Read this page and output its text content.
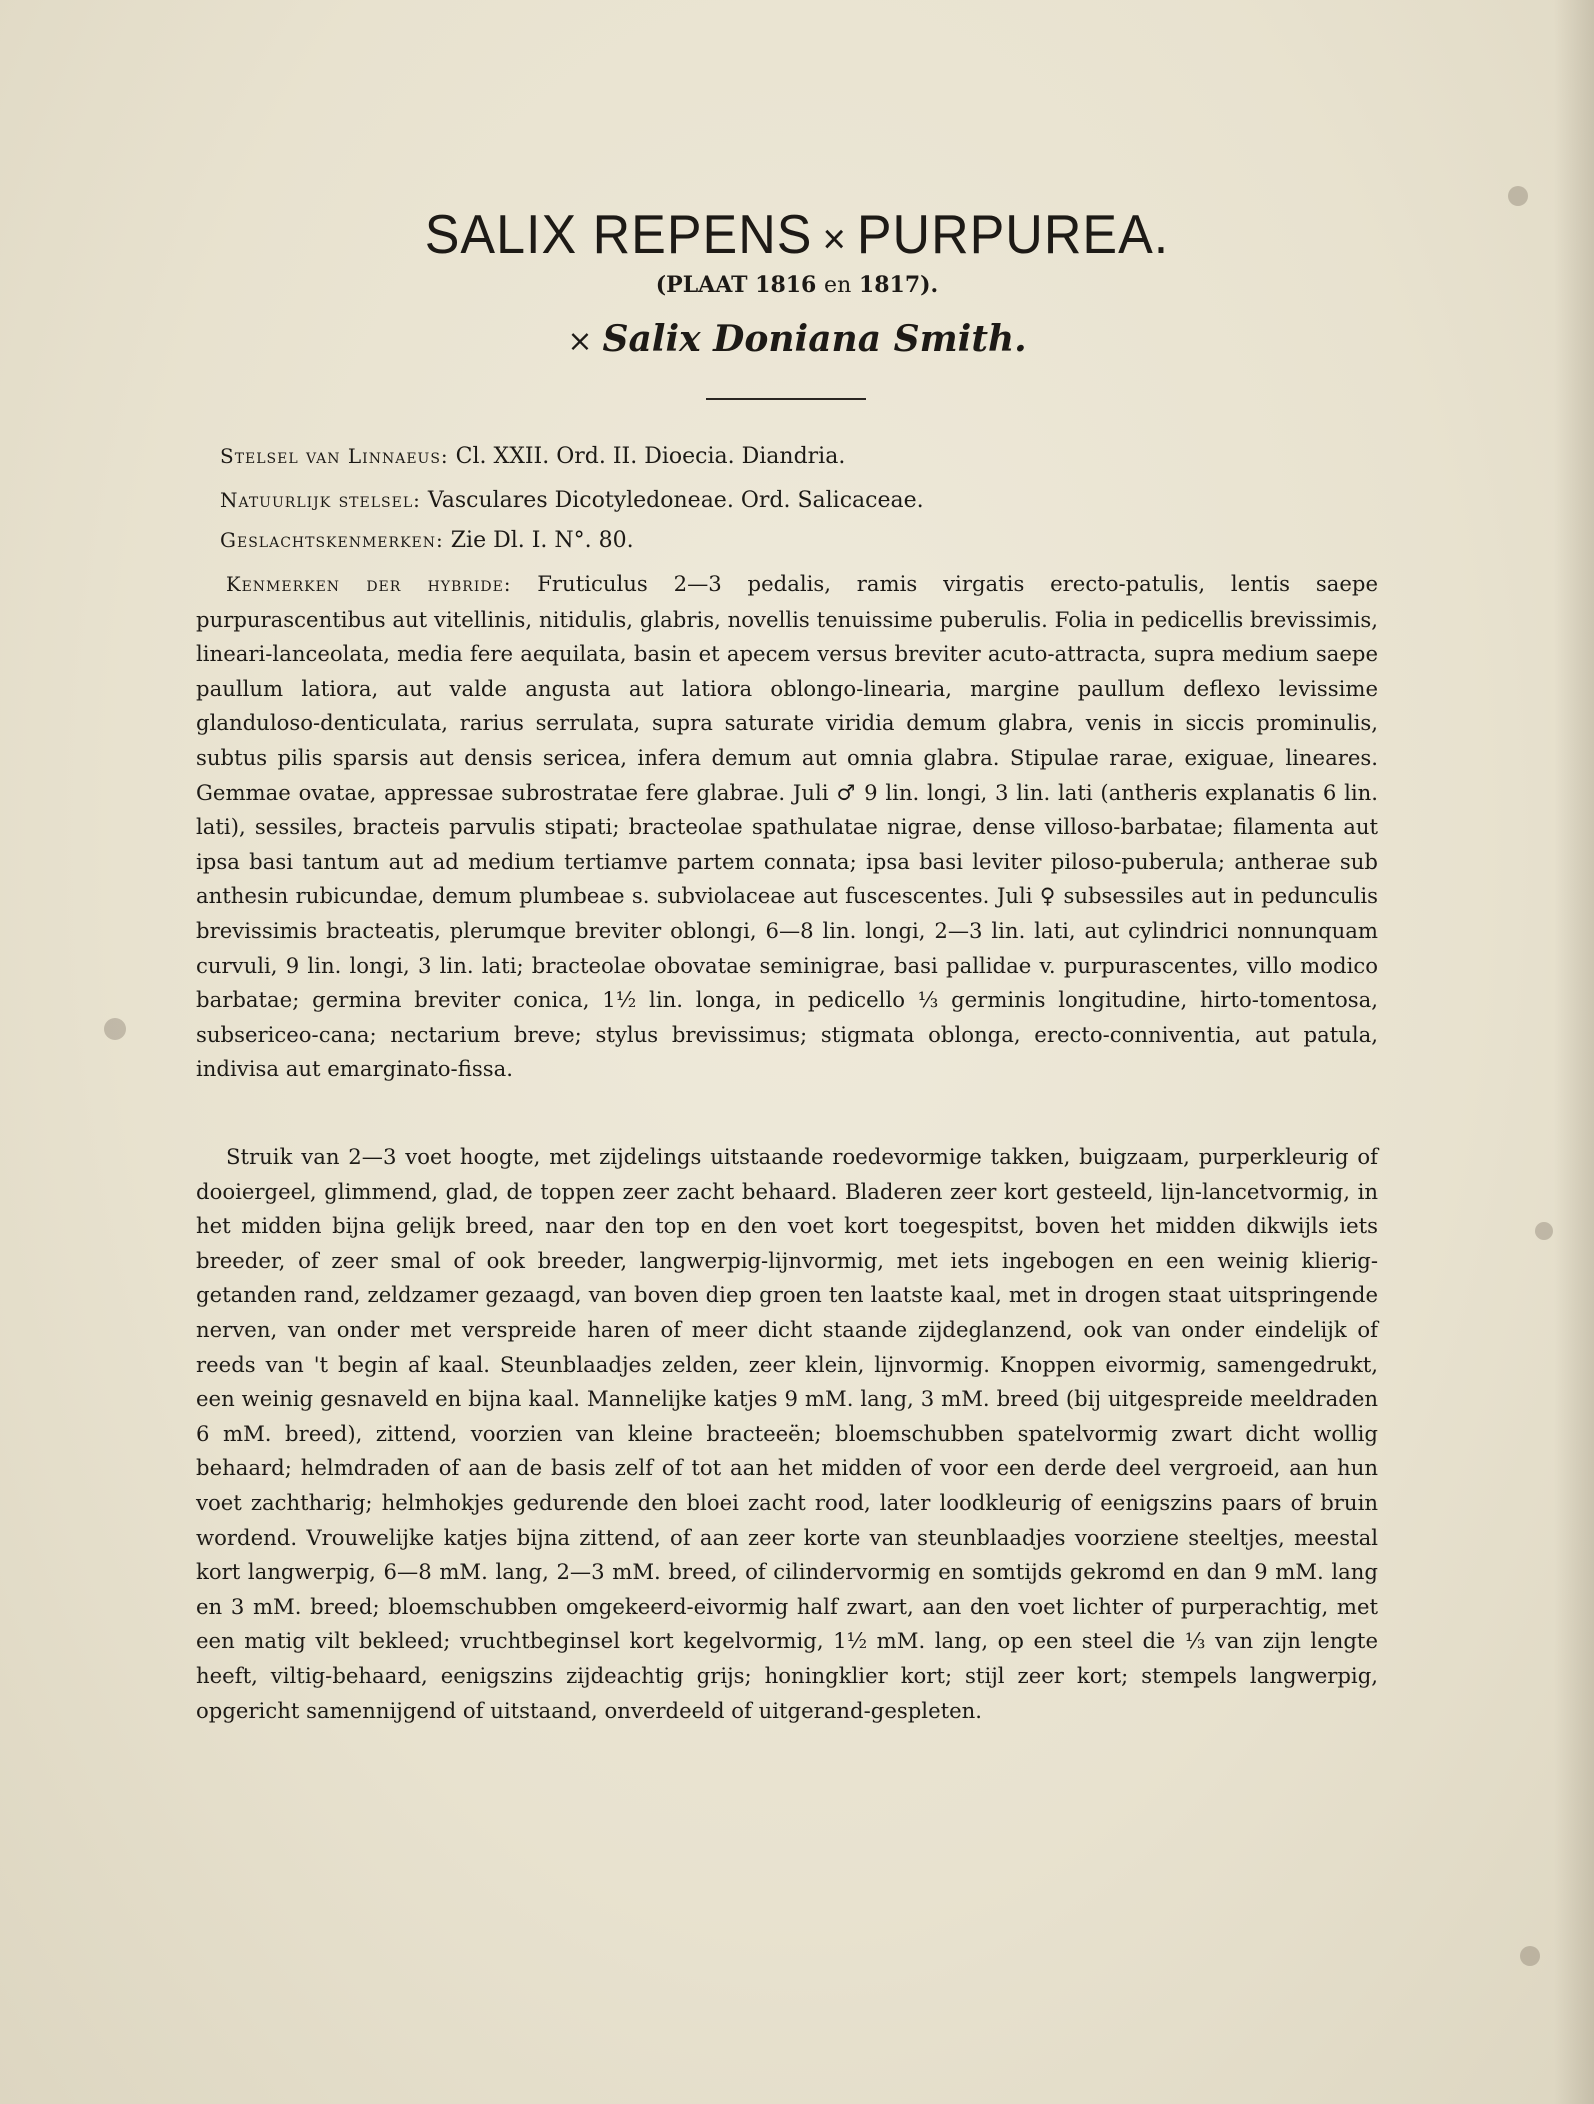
SALIX REPENS × PURPUREA.
(PLAAT 1816 en 1817).
× Salix Doniana Smith.
Stelsel van Linnaeus: Cl. XXII. Ord. II. Dioecia. Diandria.
Natuurlijk stelsel: Vasculares Dicotyledoneae. Ord. Salicaceae.
Geslachtskenmerken: Zie Dl. I. N°. 80.

Kenmerken der hybride: Fruticulus 2—3 pedalis, ramis virgatis erecto-patulis, lentis saepe purpurascentibus aut vitellinis, nitidulis, glabris, novellis tenuissime puberulis. Folia in pedicellis brevissimis, lineari-lanceolata, media fere aequilata, basin et apecem versus breviter acuto-attracta, supra medium saepe paullum latiora, aut valde angusta aut latiora oblongo-linearia, margine paullum deflexo levissime glanduloso-denticulata, rarius serrulata, supra saturate viridia demum glabra, venis in siccis prominulis, subtus pilis sparsis aut densis sericea, infera demum aut omnia glabra. Stipulae rarae, exiguae, lineares. Gemmae ovatae, appressae subrostratae fere glabrae. Juli ♂ 9 lin. longi, 3 lin. lati (antheris explanatis 6 lin. lati), sessiles, bracteis parvulis stipati; bracteolae spathulatae nigrae, dense villoso-barbatae; filamenta aut ipsa basi tantum aut ad medium tertiamve partem connata; ipsa basi leviter piloso-puberula; antherae sub anthesin rubicundae, demum plumbeae s. subviolaceae aut fuscescentes. Juli ♀ subsessiles aut in pedunculis brevissimis bracteatis, plerumque breviter oblongi, 6—8 lin. longi, 2—3 lin. lati, aut cylindrici nonnunquam curvuli, 9 lin. longi, 3 lin. lati; bracteolae obovatae seminigrae, basi pallidae v. purpurascentes, villo modico barbatae; germina breviter conica, 1½ lin. longa, in pedicello ⅓ germinis longitudine, hirto-tomentosa, subsericeo-cana; nectarium breve; stylus brevissimus; stigmata oblonga, erecto-conniventia, aut patula, indivisa aut emarginato-fissa.

Struik van 2—3 voet hoogte, met zijdelings uitstaande roedevormige takken, buigzaam, purperkleurig of dooiergeel, glimmend, glad, de toppen zeer zacht behaard. Bladeren zeer kort gesteeld, lijn-lancetvormig, in het midden bijna gelijk breed, naar den top en den voet kort toegespitst, boven het midden dikwijls iets breeder, of zeer smal of ook breeder, langwerpig-lijnvormig, met iets ingebogen en een weinig klierig-getanden rand, zeldzamer gezaagd, van boven diep groen ten laatste kaal, met in drogen staat uitspringende nerven, van onder met verspreide haren of meer dicht staande zijdeglanzend, ook van onder eindelijk of reeds van 't begin af kaal. Steunblaadjes zelden, zeer klein, lijnvormig. Knoppen eivormig, samengedrukt, een weinig gesnaveld en bijna kaal. Mannelijke katjes 9 mM. lang, 3 mM. breed (bij uitgespreide meeldraden 6 mM. breed), zittend, voorzien van kleine bracteeën; bloemschubben spatelvormig zwart dicht wollig behaard; helmdraden of aan de basis zelf of tot aan het midden of voor een derde deel vergroeid, aan hun voet zachtharig; helmhokjes gedurende den bloei zacht rood, later loodkleurig of eenigszins paars of bruin wordend. Vrouwelijke katjes bijna zittend, of aan zeer korte van steunblaadjes voorziene steeltjes, meestal kort langwerpig, 6—8 mM. lang, 2—3 mM. breed, of cilindervormig en somtijds gekromd en dan 9 mM. lang en 3 mM. breed; bloemschubben omgekeerd-eivormig half zwart, aan den voet lichter of purperachtig, met een matig vilt bekleed; vruchtbeginsel kort kegelvormig, 1½ mM. lang, op een steel die ⅓ van zijn lengte heeft, viltig-behaard, eenigszins zijdeachtig grijs; honingklier kort; stijl zeer kort; stempels langwerpig, opgericht samennijgend of uitstaand, onverdeeld of uitgerand-gespleten.
